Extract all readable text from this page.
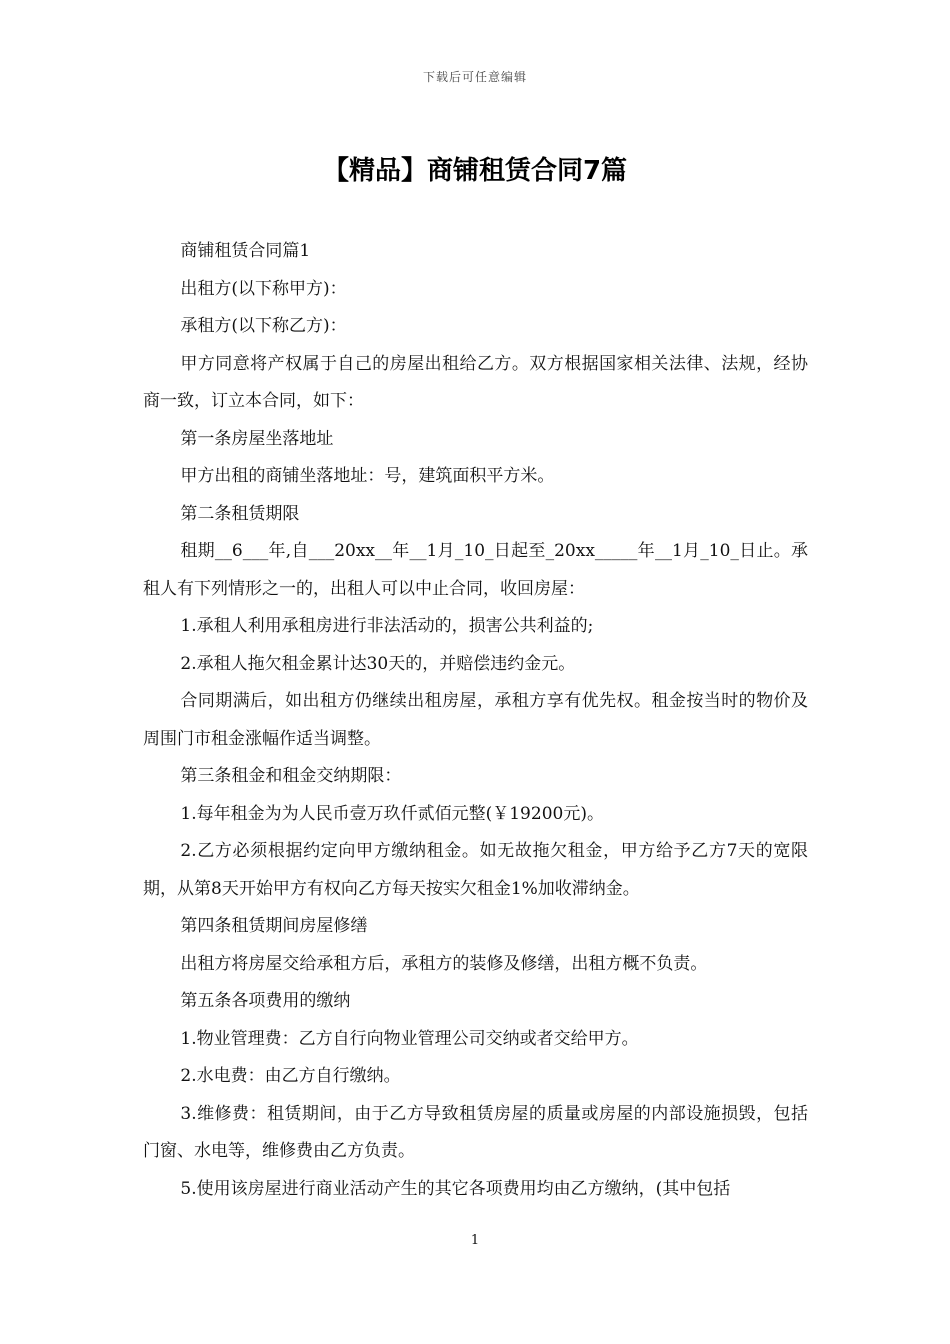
下载后可任意编辑
【精品】商铺租赁合同7篇

商铺租赁合同篇1

出租方(以下称甲方)：

承租方(以下称乙方)：

甲方同意将产权属于自己的房屋出租给乙方。双方根据国家相关法律、法规，经协商一致，订立本合同，如下：

第一条房屋坐落地址

甲方出租的商铺坐落地址：号，建筑面积平方米。

第二条租赁期限

租期__6___年,自___20xx__年__1月_10_日起至_20xx_____年__1月_10_日止。承租人有下列情形之一的，出租人可以中止合同，收回房屋：

1.承租人利用承租房进行非法活动的，损害公共利益的;

2.承租人拖欠租金累计达30天的，并赔偿违约金元。

合同期满后，如出租方仍继续出租房屋，承租方享有优先权。租金按当时的物价及周围门市租金涨幅作适当调整。

第三条租金和租金交纳期限：

1.每年租金为为人民币壹万玖仟贰佰元整(￥19200元)。

2.乙方必须根据约定向甲方缴纳租金。如无故拖欠租金，甲方给予乙方7天的宽限期，从第8天开始甲方有权向乙方每天按实欠租金1%加收滞纳金。

第四条租赁期间房屋修缮

出租方将房屋交给承租方后，承租方的装修及修缮，出租方概不负责。

第五条各项费用的缴纳

1.物业管理费：乙方自行向物业管理公司交纳或者交给甲方。

2.水电费：由乙方自行缴纳。

3.维修费：租赁期间，由于乙方导致租赁房屋的质量或房屋的内部设施损毁，包括门窗、水电等，维修费由乙方负责。

5.使用该房屋进行商业活动产生的其它各项费用均由乙方缴纳，(其中包括

1
